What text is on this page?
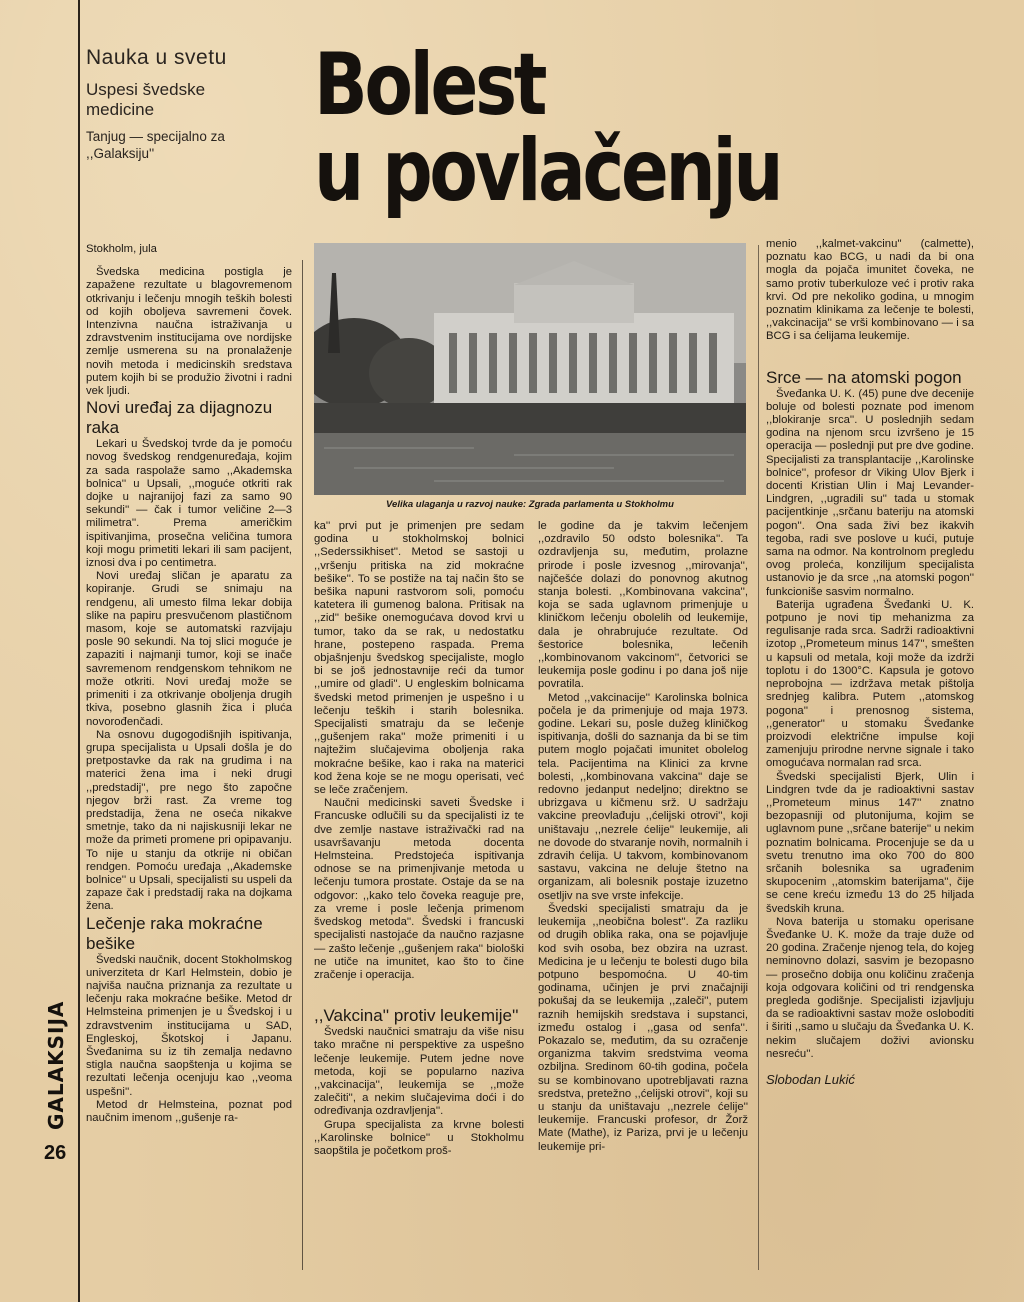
Nauka u svetu
Uspesi švedske medicine
Tanjug — specijalno za ,,Galaksiju''
Bolest
u povlačenju
Velika ulaganja u razvoj nauke: Zgrada parlamenta u Stokholmu

Stokholm, jula

Švedska medicina postigla je zapažene rezultate u blagovremenom otkrivanju i lečenju mnogih teških bolesti od kojih oboljeva savremeni čovek. Intenzivna naučna istraživanja u zdravstvenim institucijama ove nordijske zemlje usmerena su na pronalaženje novih metoda i medicinskih sredstava putem kojih bi se produžio životni i radni vek ljudi.

Novi uređaj za dijagnozu raka

Lekari u Švedskoj tvrde da je pomoću novog švedskog rendgenuređaja, kojim za sada raspolaže samo ,,Akademska bolnica'' u Upsali, ,,moguće otkriti rak dojke u najranijoj fazi za samo 90 sekundi'' — čak i tumor veličine 2—3 milimetra''. Prema američkim ispitivanjima, prosečna veličina tumora koji mogu primetiti lekari ili sam pacijent, iznosi dva i po centimetra.

Novi uređaj sličan je aparatu za kopiranje. Grudi se snimaju na rendgenu, ali umesto filma lekar dobija slike na papiru presvučenom plastičnom masom, koje se automatski razvijaju posle 90 sekundi. Na toj slici moguće je zapaziti i najmanji tumor, koji se inače savremenom rendgenskom tehnikom ne može otkriti. Novi uređaj može se primeniti i za otkrivanje oboljenja drugih tkiva, posebno glasnih žica i pluća novorođenčadi.

Na osnovu dugogodišnjih ispitivanja, grupa specijalista u Upsali došla je do pretpostavke da rak na grudima i na materici žena ima i neki drugi ,,predstadij'', pre nego što započne njegov brži rast. Za vreme tog predstadija, žena ne oseća nikakve smetnje, tako da ni najiskusniji lekar ne može da primeti promene pri opipavanju. To nije u stanju da otkrije ni običan rendgen. Pomoću uređaja ,,Akademske bolnice'' u Upsali, specijalisti su uspeli da zapaze čak i predstadij raka na dojkama žena.

Lečenje raka mokraćne bešike

Švedski naučnik, docent Stokholmskog univerziteta dr Karl Helmstein, dobio je najviša naučna priznanja za rezultate u lečenju raka mokraćne bešike. Metod dr Helmsteina primenjen je u Švedskoj i u zdravstvenim institucijama u SAD, Engleskoj, Škotskoj i Japanu. Švеđanima su iz tih zemalja nedavno stigla naučna saopštenja u kojima se rezultati lečenja ocenjuju kao ,,veoma uspešni''.

Metod dr Helmsteina, poznat pod naučnim imenom ,,gušenje ra-

ka'' prvi put je primenjen pre sedam godina u stokholmskoj bolnici ,,Sederssikhiset''. Metod se sastoji u ,,vršenju pritiska na zid mokraćne bešike''. To se postiže na taj način što se bešika napuni rastvorom soli, pomoću katetera ili gumenog balona. Pritisak na ,,zid'' bešike onemogućava dovod krvi u tumor, tako da se rak, u nedostatku hrane, postepeno raspada. Prema objašnjenju švedskog specijaliste, moglo bi se još jednostavnije reći da tumor ,,umire od gladi''. U engleskim bolnicama švedski metod primenjen je uspešno i u lečenju teških i starih bolesnika. Specijalisti smatraju da se lečenje ,,gušenjem raka'' može primeniti i u najtežim slučajevima oboljenja raka mokraćne bešike, kao i raka na materici kod žena koje se ne mogu operisati, već se leče zračenjem.

Naučni medicinski saveti Švedske i Francuske odlučili su da specijalisti iz te dve zemlje nastave istraživački rad na usavršavanju metoda docenta Helmsteina. Predstojeća ispitivanja odnose se na primenjivanje metoda u lečenju tumora prostate. Ostaje da se na odgovor: ,,kako telo čoveka reaguje pre, za vreme i posle lečenja primenom švedskog metoda''. Švedski i francuski specijalisti nastojaće da naučno razjasne — zašto lečenje ,,gušenjem raka'' biološki ne utiče na imunitet, kao što to čine zračenje i operacija.

,,Vakcina'' protiv leukemije''

Švedski naučnici smatraju da više nisu tako mračne ni perspektive za uspešno lečenje leukemije. Putem jedne nove metoda, koji se popularno naziva ,,vakcinacija'', leukemija se ,,može zalečiti'', a nekim slučajevima doći i do određivanja ozdravljenja''.

Grupa specijalista za krvne bolesti ,,Karolinske bolnice'' u Stokholmu saopštila je početkom proš-

le godine da je takvim lečenjem ,,ozdravilo 50 odsto bolesnika''. Ta ozdravljenja su, međutim, prolazne prirode i posle izvesnog ,,mirovanja'', najčešće dolazi do ponovnog akutnog stanja bolesti. ,,Kombinovana vakcina'', koja se sada uglavnom primenjuje u kliničkom lečenju obolelih od leukemije, dala je ohrabrujuće rezultate. Od šestorice bolesnika, lečenih ,,kombinovanom vakcinom'', četvorici se leukemija posle godinu i po dana još nije povratila.

Metod ,,vakcinacije'' Karolinska bolnica počela je da primenjuje od maja 1973. godine. Lekari su, posle dužeg kliničkog ispitivanja, došli do saznanja da bi se tim putem moglo pojačati imunitet obolelog tela. Pacijentima na Klinici za krvne bolesti, ,,kombinovana vakcina'' daje se redovno jedanput nedeljno; direktno se ubrizgava u kičmenu srž. U sadržaju vakcine preovlađuju ,,ćelijski otrovi'', koji uništavaju ,,nezrele ćelije'' leukemije, ali ne dovode do stvaranje novih, normalnih i zdravih ćelija. U takvom, kombinovanom sastavu, vakcina ne deluje štetno na organizam, ali bolesnik postaje izuzetno osetljiv na sve vrste infekcije.

Švedski specijalisti smatraju da je leukemija ,,neobična bolest''. Za razliku od drugih oblika raka, ona se pojavljuje kod svih osoba, bez obzira na uzrast. Medicina je u lečenju te bolesti dugo bila potpuno bespomoćna. U 40-tim godinama, učinjen je prvi značajniji pokušaj da se leukemija ,,zaleči'', putem raznih hemijskih sredstava i supstanci, između ostalog i ,,gasa od senfa''. Pokazalo se, međutim, da su ozračenje organizma takvim sredstvima veoma ozbiljna. Sredinom 60-tih godina, počela su se kombinovano upotrebljavati razna sredstva, pretežno ,,ćelijski otrovi'', koji su u stanju da uništavaju ,,nezrele ćelije'' leukemije. Francuski profesor, dr Žorž Mate (Mathe), iz Pariza, prvi je u lečenju leukemije pri-

menio ,,kalmet-vakcinu'' (calmette), poznatu kao BCG, u nadi da bi ona mogla da pojača imunitet čoveka, ne samo protiv tuberkuloze već i protiv raka krvi. Od pre nekoliko godina, u mnogim poznatim klinikama za lečenje te bolesti, ,,vakcinacija'' se vrši kombinovano — i sa BCG i sa ćelijama leukemije.

Srce — na atomski pogon

Šveđanka U. K. (45) pune dve decenije boluje od bolesti poznate pod imenom ,,blokiranje srca''. U poslednjih sedam godina na njenom srcu izvršeno je 15 operacija — poslednji put pre dve godine. Specijalisti za transplantacije ,,Karolinske bolnice'', profesor dr Viking Ulov Bjerk i docenti Kristian Ulin i Maj Levander-Lindgren, ,,ugradili su'' tada u stomak pacijentkinje ,,srčanu bateriju na atomski pogon''. Ona sada živi bez ikakvih tegoba, radi sve poslove u kući, putuje sama na odmor. Na kontrolnom pregledu ovog proleća, konzilijum specijalista ustanovio je da srce ,,na atomski pogon'' funkcioniše sasvim normalno.

Baterija ugrađena Šveđanki U. K. potpuno je novi tip mehanizma za regulisanje rada srca. Sadrži radioaktivni izotop ,,Prometeum minus 147'', smešten u kapsuli od metala, koji može da izdrži toplotu i do 1300°C. Kapsula je gotovo neprobojna — izdržava metak pištolja srednjeg kalibra. Putem ,,atomskog pogona'' i prenosnog sistema, ,,generator'' u stomaku Šveđanke proizvodi električne impulse koji zamenjuju prirodne nervne signale i tako omogućava normalan rad srca.

Švedski specijalisti Bjerk, Ulin i Lindgren tvde da je radioaktivni sastav ,,Prometeum minus 147'' znatno bezopasniji od plutonijuma, kojim se uglavnom pune ,,srčane baterije'' u nekim poznatim bolnicama. Procenjuje se da u svetu trenutno ima oko 700 do 800 srčanih bolesnika sa ugrađenim skupocenim ,,atomskim baterijama'', čije se cene kreću između 13 do 25 hiljada švedskih kruna.

Nova baterija u stomaku operisane Šveđanke U. K. može da traje duže od 20 godina. Zračenje njenog tela, do kojeg neminovno dolazi, sasvim je bezopasno — prosečno dobija onu količinu zračenja koja odgovara količini od tri rendgenska pregleda godišnje. Specijalisti izjavljuju da se radioaktivni sastav može osloboditi i širiti ,,samo u slučaju da Šveđanka U. K. nekim slučajem doživi avionsku nesreću''.

Slobodan Lukić

GALAKSIJA
26
